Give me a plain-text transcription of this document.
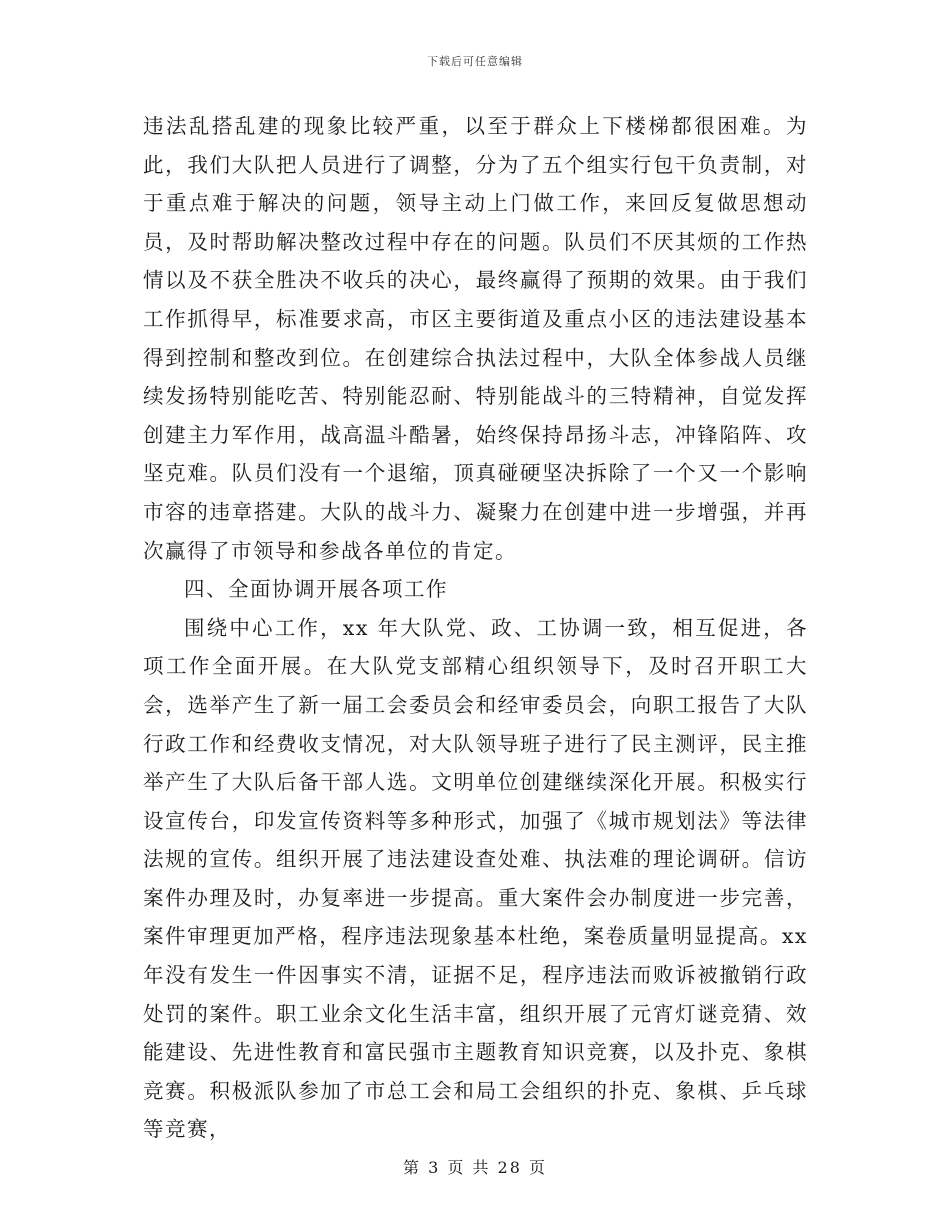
下载后可任意编辑

违法乱搭乱建的现象比较严重，以至于群众上下楼梯都很困难。为此，我们大队把人员进行了调整，分为了五个组实行包干负责制，对于重点难于解决的问题，领导主动上门做工作，来回反复做思想动员，及时帮助解决整改过程中存在的问题。队员们不厌其烦的工作热情以及不获全胜决不收兵的决心，最终赢得了预期的效果。由于我们工作抓得早，标准要求高，市区主要街道及重点小区的违法建设基本得到控制和整改到位。在创建综合执法过程中，大队全体参战人员继续发扬特别能吃苦、特别能忍耐、特别能战斗的三特精神，自觉发挥创建主力军作用，战高温斗酷暑，始终保持昂扬斗志，冲锋陷阵、攻坚克难。队员们没有一个退缩，顶真碰硬坚决拆除了一个又一个影响市容的违章搭建。大队的战斗力、凝聚力在创建中进一步增强，并再次赢得了市领导和参战各单位的肯定。

四、全面协调开展各项工作

围绕中心工作，xx 年大队党、政、工协调一致，相互促进，各项工作全面开展。在大队党支部精心组织领导下，及时召开职工大会，选举产生了新一届工会委员会和经审委员会，向职工报告了大队行政工作和经费收支情况，对大队领导班子进行了民主测评，民主推举产生了大队后备干部人选。文明单位创建继续深化开展。积极实行设宣传台，印发宣传资料等多种形式，加强了《城市规划法》等法律法规的宣传。组织开展了违法建设查处难、执法难的理论调研。信访案件办理及时，办复率进一步提高。重大案件会办制度进一步完善，案件审理更加严格，程序违法现象基本杜绝，案卷质量明显提高。xx 年没有发生一件因事实不清，证据不足，程序违法而败诉被撤销行政处罚的案件。职工业余文化生活丰富，组织开展了元宵灯谜竞猜、效能建设、先进性教育和富民强市主题教育知识竞赛，以及扑克、象棋竞赛。积极派队参加了市总工会和局工会组织的扑克、象棋、乒乓球等竞赛，

第 3 页 共 28 页
